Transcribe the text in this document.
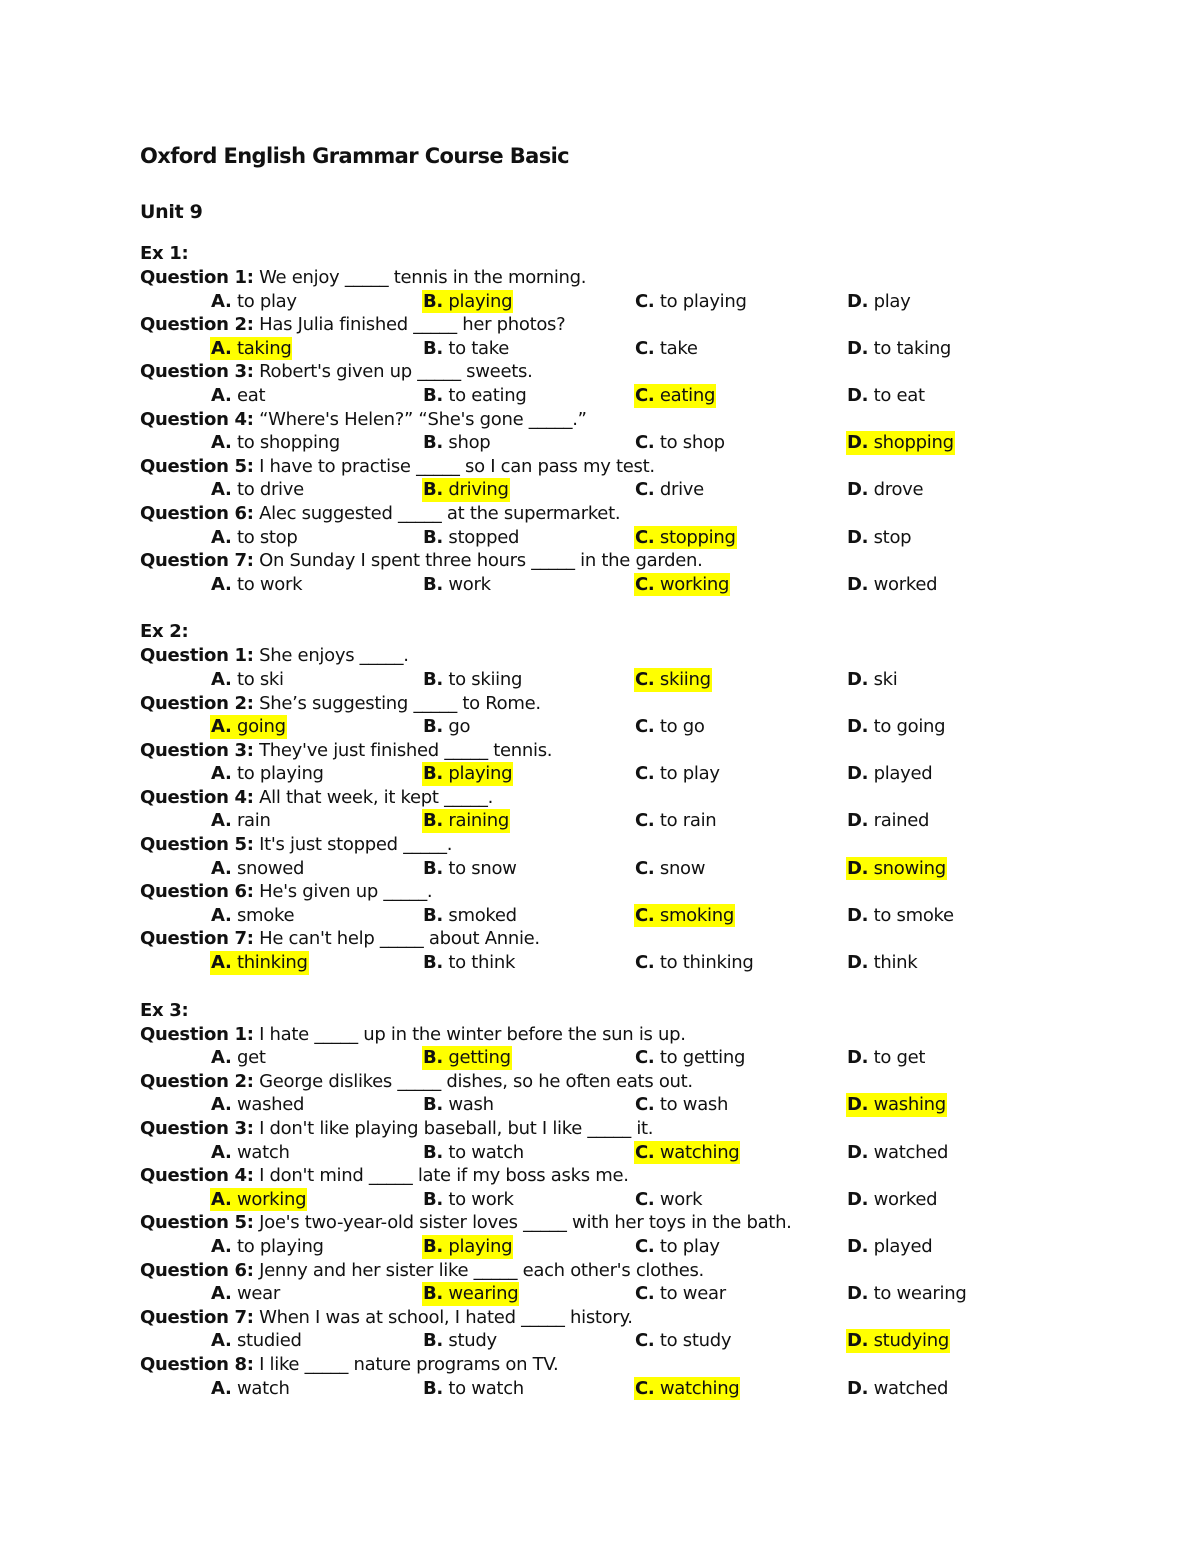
Oxford English Grammar Course Basic
Unit 9
Ex 1:
Question 1: We enjoy _____ tennis in the morning.
A. to play	B. playing	C. to playing	D. play
Question 2: Has Julia finished _____ her photos?
A. taking	B. to take	C. take	D. to taking
Question 3: Robert's given up _____ sweets.
A. eat	B. to eating	C. eating	D. to eat
Question 4: “Where's Helen?” “She's gone _____.”
A. to shopping	B. shop	C. to shop	D. shopping
Question 5: I have to practise _____ so I can pass my test.
A. to drive	B. driving	C. drive	D. drove
Question 6: Alec suggested _____ at the supermarket.
A. to stop	B. stopped	C. stopping	D. stop
Question 7: On Sunday I spent three hours _____ in the garden.
A. to work	B. work	C. working	D. worked
Ex 2:
Question 1: She enjoys _____.
A. to ski	B. to skiing	C. skiing	D. ski
Question 2: She’s suggesting _____ to Rome.
A. going	B. go	C. to go	D. to going
Question 3: They've just finished _____ tennis.
A. to playing	B. playing	C. to play	D. played
Question 4: All that week, it kept _____.
A. rain	B. raining	C. to rain	D. rained
Question 5: It's just stopped _____.
A. snowed	B. to snow	C. snow	D. snowing
Question 6: He's given up _____.
A. smoke	B. smoked	C. smoking	D. to smoke
Question 7: He can't help _____ about Annie.
A. thinking	B. to think	C. to thinking	D. think
Ex 3:
Question 1: I hate _____ up in the winter before the sun is up.
A. get	B. getting	C. to getting	D. to get
Question 2: George dislikes _____ dishes, so he often eats out.
A. washed	B. wash	C. to wash	D. washing
Question 3: I don't like playing baseball, but I like _____ it.
A. watch	B. to watch	C. watching	D. watched
Question 4: I don't mind _____ late if my boss asks me.
A. working	B. to work	C. work	D. worked
Question 5: Joe's two-year-old sister loves _____ with her toys in the bath.
A. to playing	B. playing	C. to play	D. played
Question 6: Jenny and her sister like _____ each other's clothes.
A. wear	B. wearing	C. to wear	D. to wearing
Question 7: When I was at school, I hated _____ history.
A. studied	B. study	C. to study	D. studying
Question 8: I like _____ nature programs on TV.
A. watch	B. to watch	C. watching	D. watched
